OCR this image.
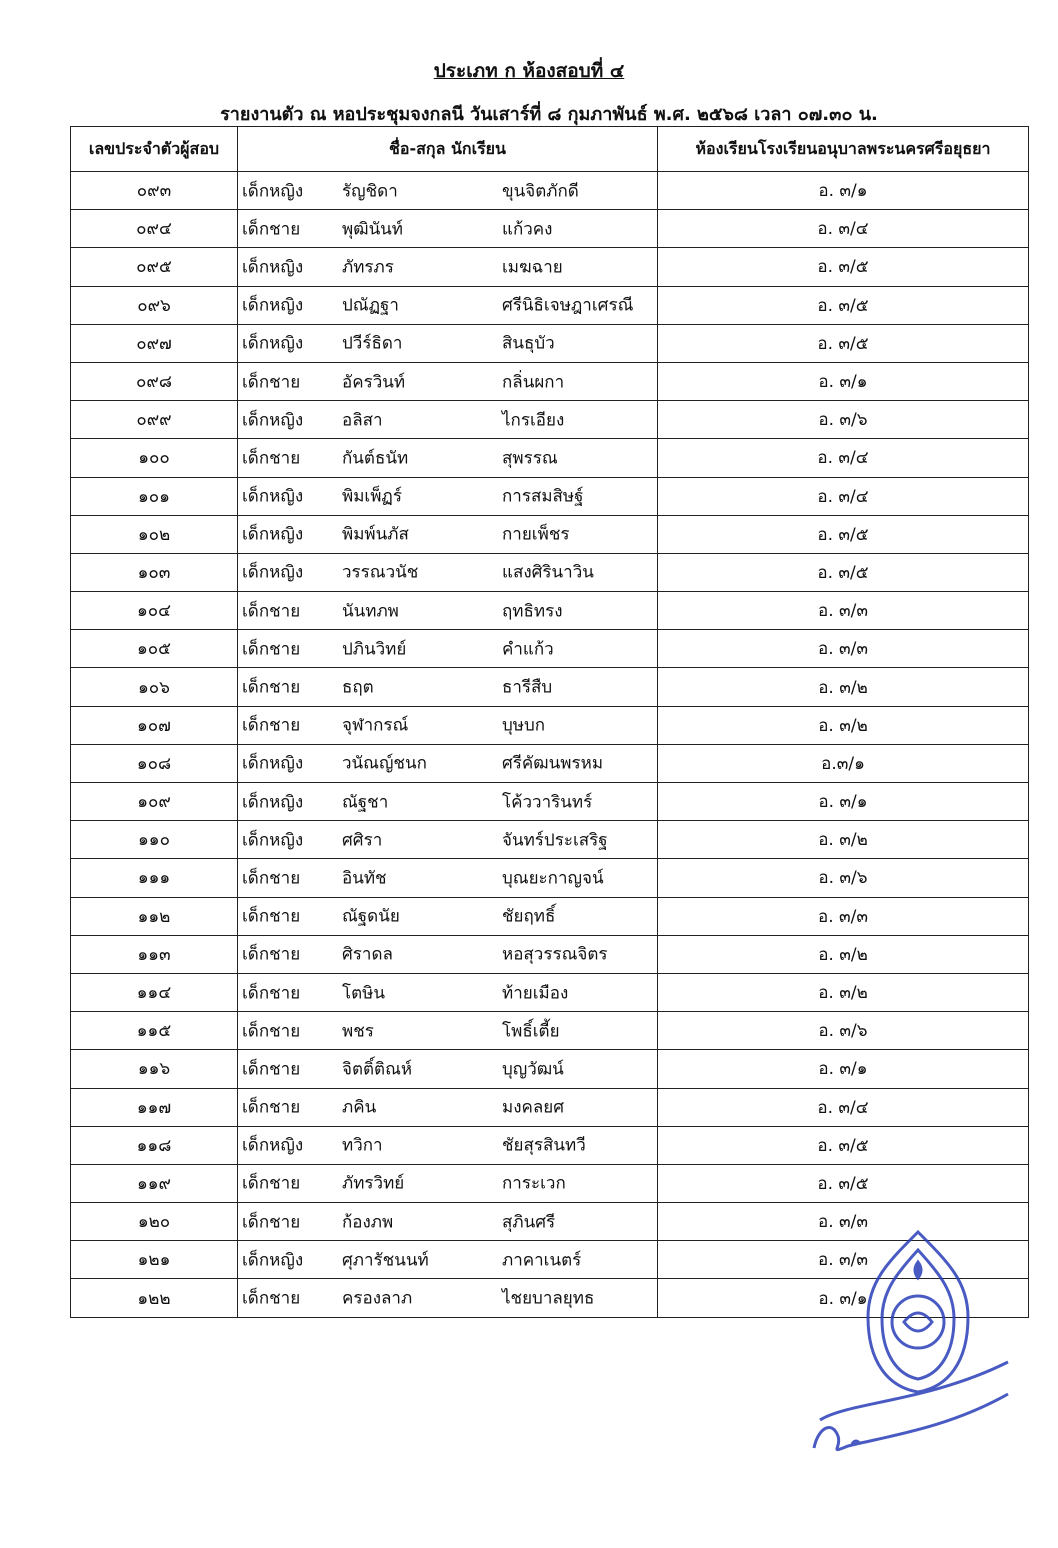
ประเภท ก ห้องสอบที่ ๔
รายงานตัว ณ หอประชุมจงกลนี วันเสาร์ที่ ๘ กุมภาพันธ์ พ.ศ. ๒๕๖๘ เวลา ๐๗.๓๐ น.
เลขประจำตัวผู้สอบ	ชื่อ-สกุล นักเรียน	ห้องเรียนโรงเรียนอนุบาลพระนครศรีอยุธยา
๐๙๓	เด็กหญิง รัญชิดา ขุนจิตภักดี	อ. ๓/๑
๐๙๔	เด็กชาย พุฒินันท์ แก้วคง	อ. ๓/๔
๐๙๕	เด็กหญิง ภัทรภร เมฆฉาย	อ. ๓/๕
๐๙๖	เด็กหญิง ปณัฏฐา ศรีนิธิเจษฎาเศรณี	อ. ๓/๕
๐๙๗	เด็กหญิง ปวีร์ธิดา สินธุบัว	อ. ๓/๕
๐๙๘	เด็กชาย อัครวินท์ กลิ่นผกา	อ. ๓/๑
๐๙๙	เด็กหญิง อลิสา ไกรเอียง	อ. ๓/๖
๑๐๐	เด็กชาย กันต์ธนัท สุพรรณ	อ. ๓/๔
๑๐๑	เด็กหญิง พิมเพ็ฏร์ การสมสิษฐ์	อ. ๓/๔
๑๐๒	เด็กหญิง พิมพ์นภัส กายเพ็ชร	อ. ๓/๕
๑๐๓	เด็กหญิง วรรณวนัช แสงศิรินาวิน	อ. ๓/๕
๑๐๔	เด็กชาย นันทภพ ฤทธิทรง	อ. ๓/๓
๑๐๕	เด็กชาย ปภินวิทย์ คำแก้ว	อ. ๓/๓
๑๐๖	เด็กชาย ธฤต ธารีสืบ	อ. ๓/๒
๑๐๗	เด็กชาย จุฬากรณ์ บุษบก	อ. ๓/๒
๑๐๘	เด็กหญิง วนัณญ์ชนก ศรีคัฒนพรหม	อ.๓/๑
๑๐๙	เด็กหญิง ณัฐชา โค้ววารินทร์	อ. ๓/๑
๑๑๐	เด็กหญิง ศศิรา จันทร์ประเสริฐ	อ. ๓/๒
๑๑๑	เด็กชาย อินทัช บุณยะกาญจน์	อ. ๓/๖
๑๑๒	เด็กชาย ณัฐดนัย ชัยฤทธิ์	อ. ๓/๓
๑๑๓	เด็กชาย ศิราดล หอสุวรรณจิตร	อ. ๓/๒
๑๑๔	เด็กชาย โตษิน ท้ายเมือง	อ. ๓/๒
๑๑๕	เด็กชาย พชร โพธิ์เตี้ย	อ. ๓/๖
๑๑๖	เด็กชาย จิตติ์ติณห์ บุญวัฒน์	อ. ๓/๑
๑๑๗	เด็กชาย ภคิน มงคลยศ	อ. ๓/๔
๑๑๘	เด็กหญิง ทวิกา ชัยสุรสินทวี	อ. ๓/๕
๑๑๙	เด็กชาย ภัทรวิทย์ การะเวก	อ. ๓/๕
๑๒๐	เด็กชาย ก้องภพ สุภินศรี	อ. ๓/๓
๑๒๑	เด็กหญิง ศุภารัชนนท์ ภาคาเนตร์	อ. ๓/๓
๑๒๒	เด็กชาย ครองลาภ ไชยบาลยุทธ	อ. ๓/๑
